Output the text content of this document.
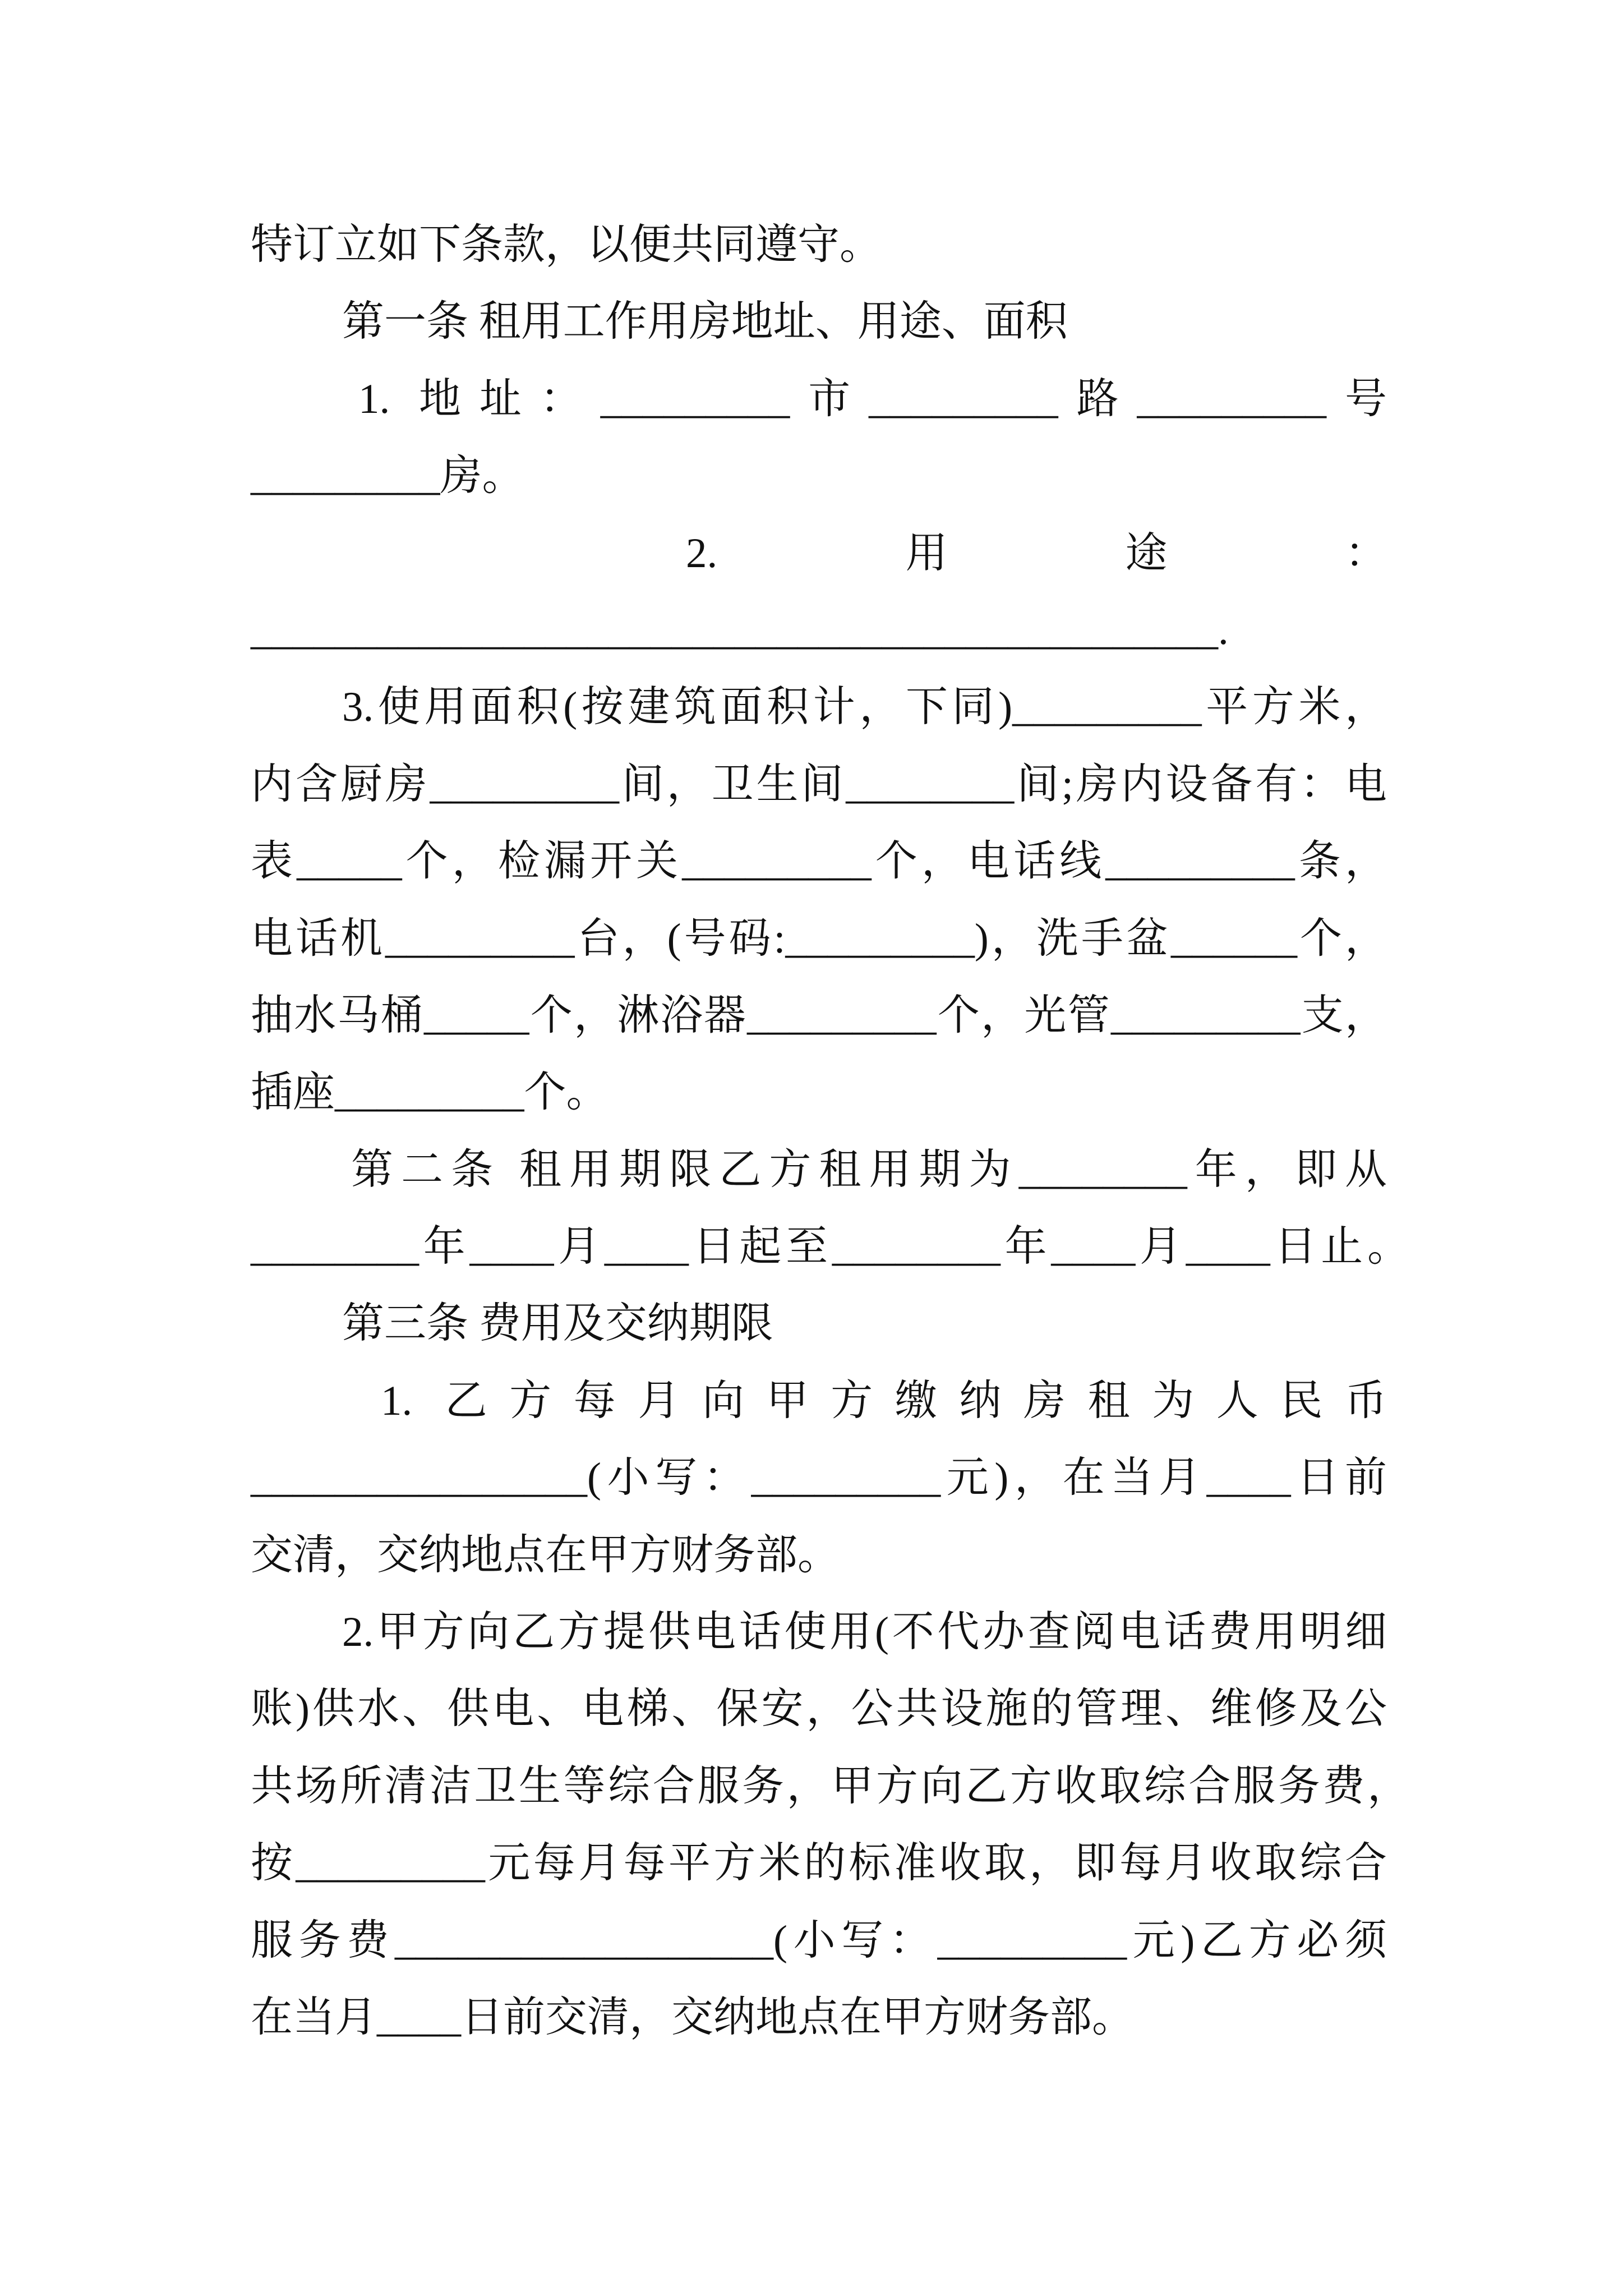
特订立如下条款，以便共同遵守。
第一条 租用工作用房地址、用途、面积
1. 地址：_________市_________路_________号
_________房。
2. 用途：
______________________________________________.
3.使用面积(按建筑面积计，下同)_________平方米，
内含厨房_________间，卫生间________间;房内设备有：电
表_____个，检漏开关_________个，电话线_________条，
电话机_________台，(号码:_________)，洗手盆______个，
抽水马桶_____个，淋浴器_________个，光管_________支，
插座_________个。
第二条 租用期限乙方租用期为________年，即从
________年____月____日起至________年____月____日止。
第三条 费用及交纳期限
1. 乙方每月向甲方缴纳房租为人民币
________________(小写：_________元)，在当月____日前
交清，交纳地点在甲方财务部。
2.甲方向乙方提供电话使用(不代办查阅电话费用明细
账)供水、供电、电梯、保安，公共设施的管理、维修及公
共场所清洁卫生等综合服务，甲方向乙方收取综合服务费，
按_________元每月每平方米的标准收取，即每月收取综合
服务费__________________(小写：_________元)乙方必须
在当月____日前交清，交纳地点在甲方财务部。
